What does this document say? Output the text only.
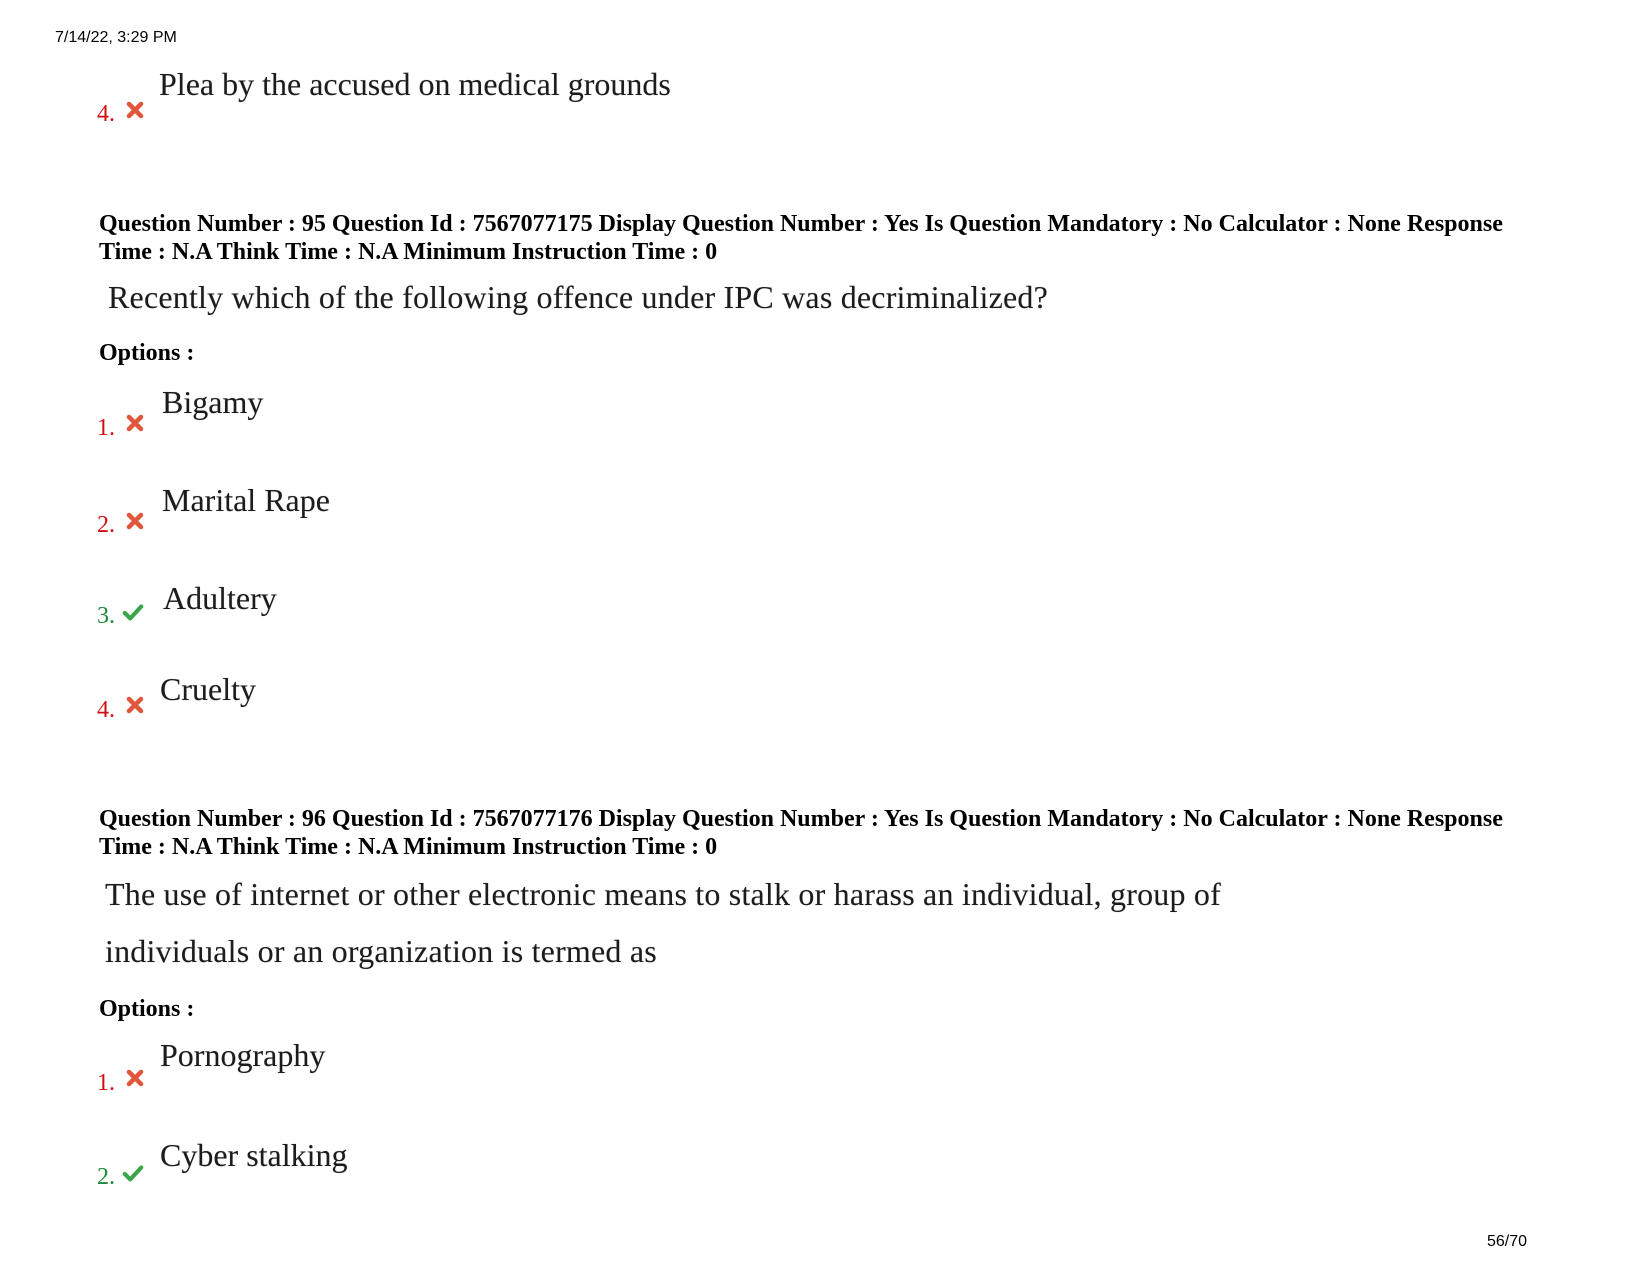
7/14/22, 3:29 PM
56/70
4.
Plea by the accused on medical grounds
Question Number : 95 Question Id : 7567077175 Display Question Number : Yes Is Question Mandatory : No Calculator : None Response
Time : N.A Think Time : N.A Minimum Instruction Time : 0
Recently which of the following offence under IPC was decriminalized?
Options :
1.
Bigamy
2.
Marital Rape
3. Adultery
4.
Cruelty
Question Number : 96 Question Id : 7567077176 Display Question Number : Yes Is Question Mandatory : No Calculator : None Response
Time : N.A Think Time : N.A Minimum Instruction Time : 0
The use of internet or other electronic means to stalk or harass an individual, group of
individuals or an organization is termed as
Options :
1.
Pornography
2.
Cyber stalking
